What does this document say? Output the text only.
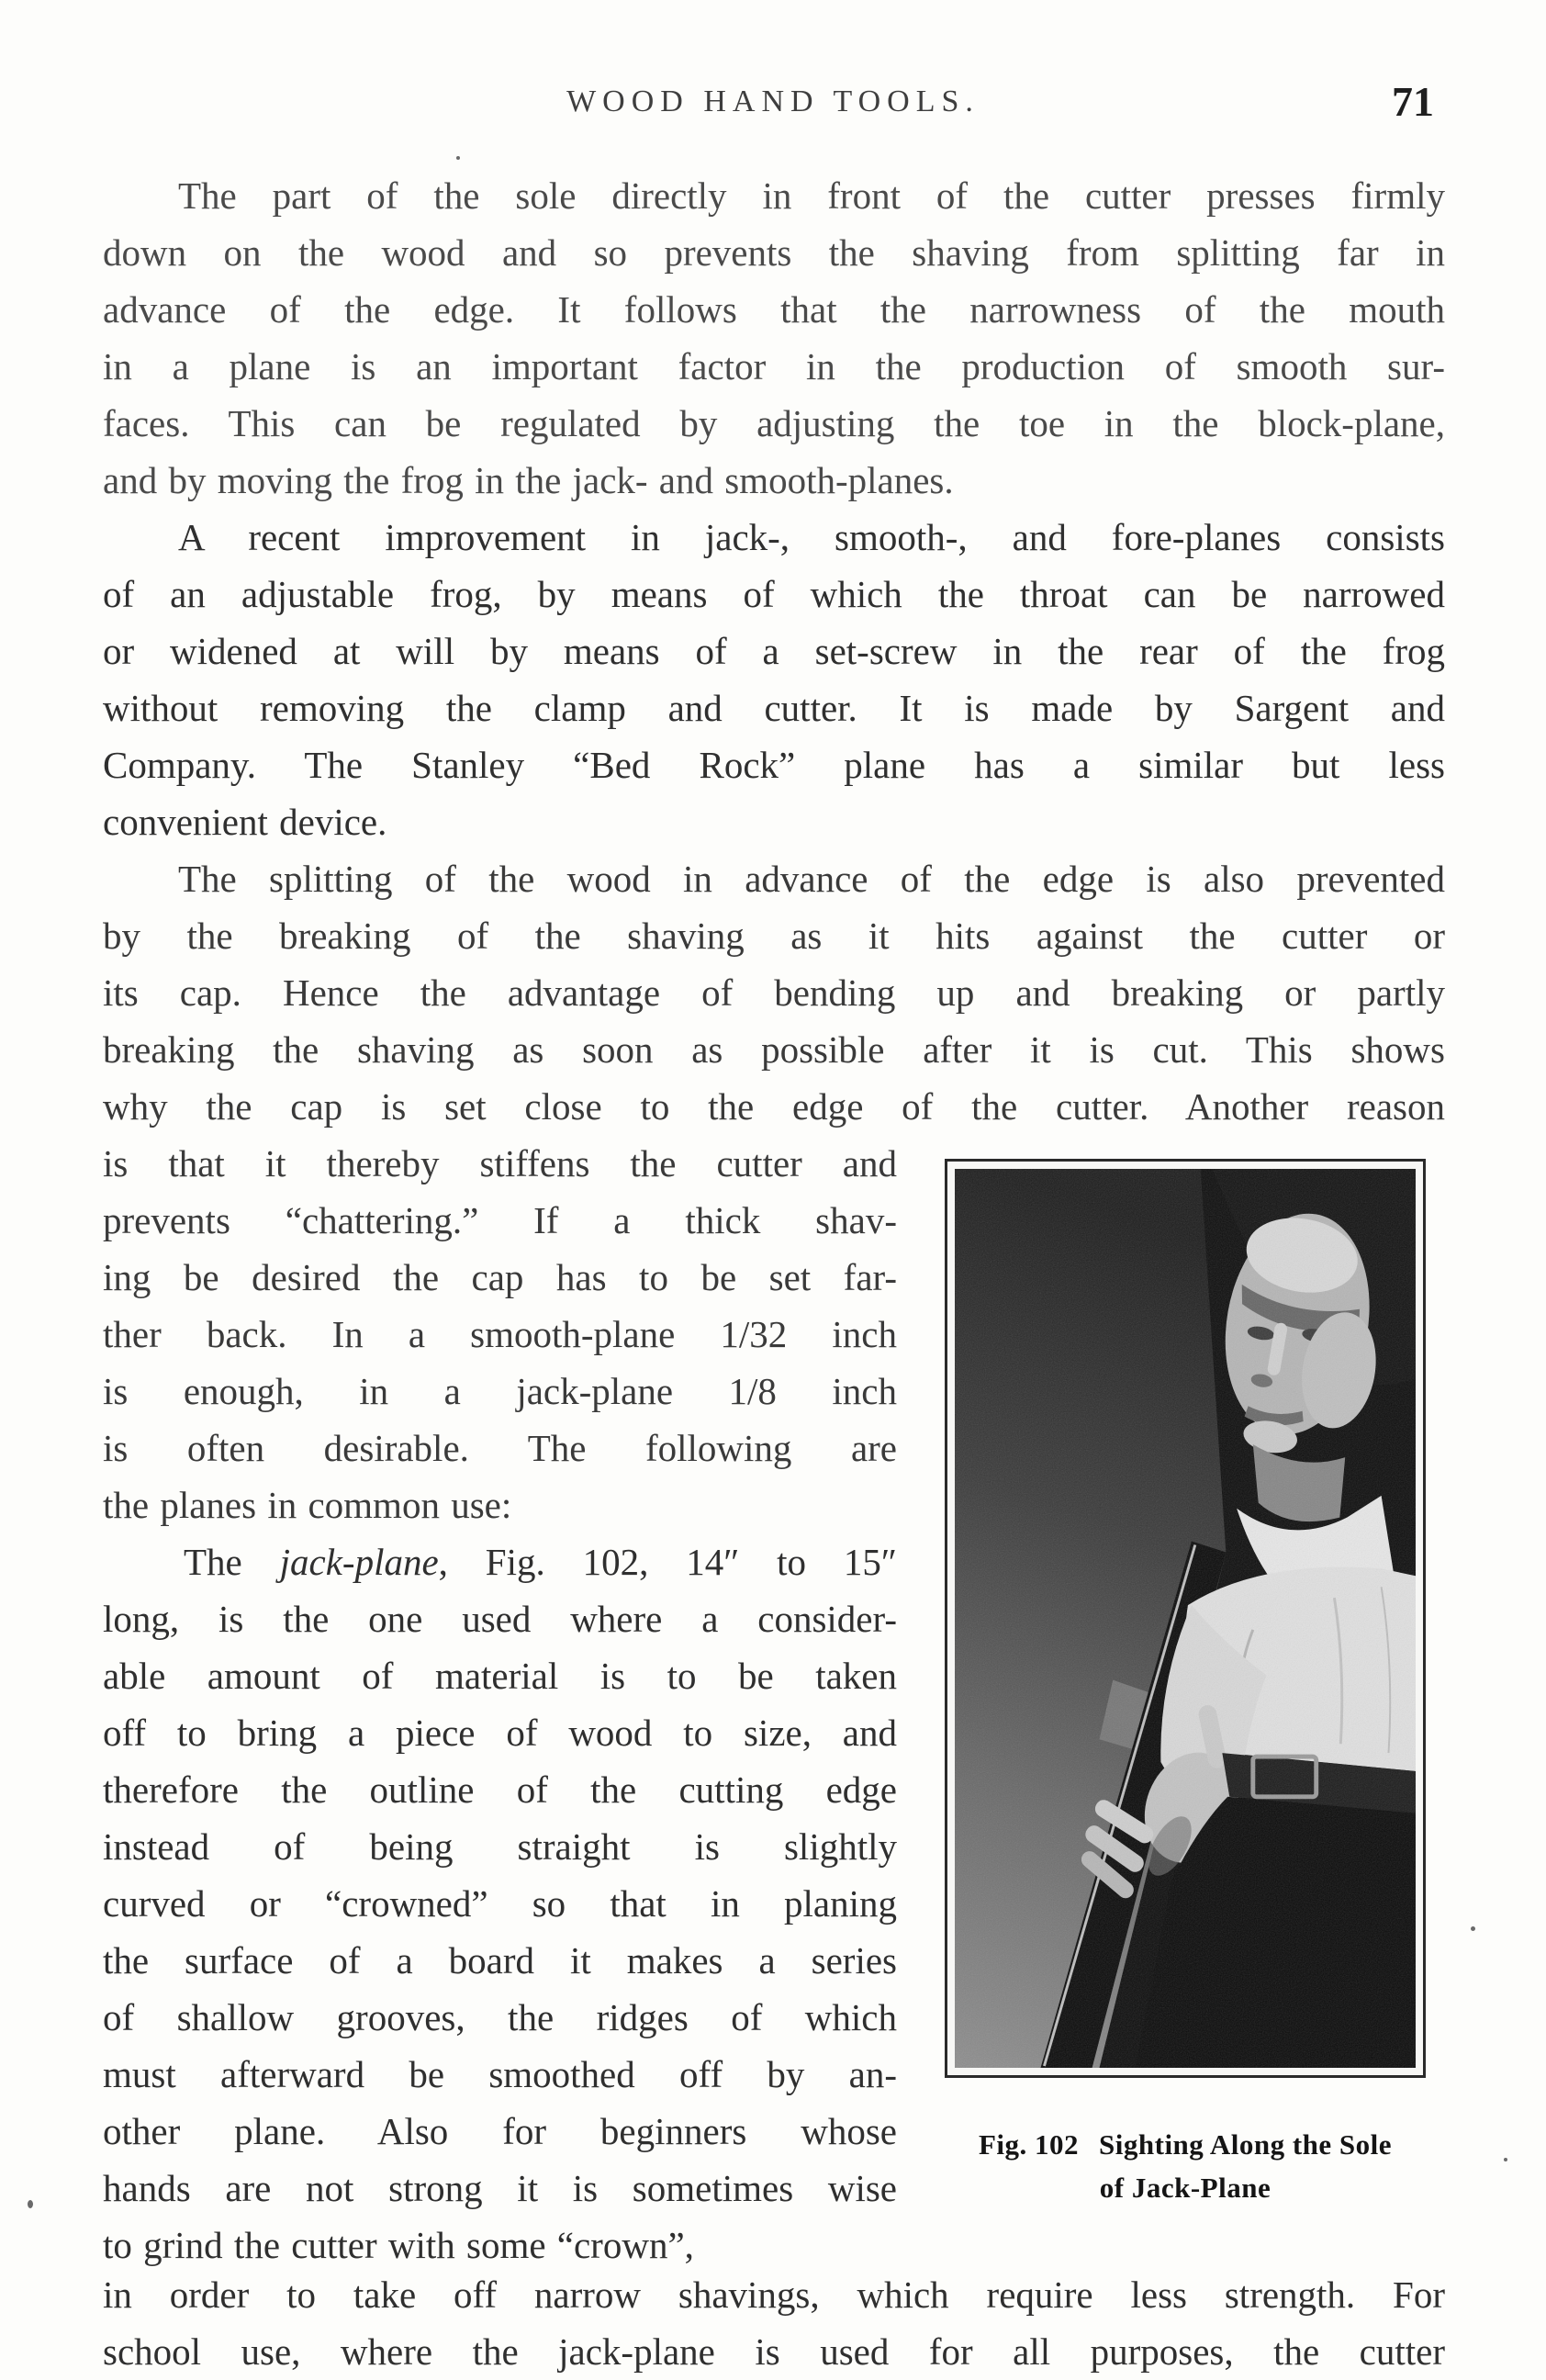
WOOD HAND TOOLS.	71
The part of the sole directly in front of the cutter presses firmly
down on the wood and so prevents the shaving from splitting far in
advance of the edge. It follows that the narrowness of the mouth
in a plane is an important factor in the production of smooth sur-
faces. This can be regulated by adjusting the toe in the block-plane,
and by moving the frog in the jack- and smooth-planes.
A recent improvement in jack-, smooth-, and fore-planes consists
of an adjustable frog, by means of which the throat can be narrowed
or widened at will by means of a set-screw in the rear of the frog
without removing the clamp and cutter. It is made by Sargent and
Company. The Stanley “Bed Rock” plane has a similar but less
convenient device.
The splitting of the wood in advance of the edge is also prevented
by the breaking of the shaving as it hits against the cutter or
its cap. Hence the advantage of bending up and breaking or partly
breaking the shaving as soon as possible after it is cut. This shows
why the cap is set close to the edge of the cutter. Another reason
is that it thereby stiffens the cutter and
prevents “chattering.” If a thick shav-
ing be desired the cap has to be set far-
ther back. In a smooth-plane 1/32 inch
is enough, in a jack-plane 1/8 inch
is often desirable. The following are
the planes in common use:
The jack-plane, Fig. 102, 14″ to 15″
long, is the one used where a consider-
able amount of material is to be taken
off to bring a piece of wood to size, and
therefore the outline of the cutting edge
instead of being straight is slightly
curved or “crowned” so that in planing
the surface of a board it makes a series
of shallow grooves, the ridges of which
must afterward be smoothed off by an-
other plane. Also for beginners whose
hands are not strong it is sometimes wise
to grind the cutter with some “crown”,
in order to take off narrow shavings, which require less strength. For
school use, where the jack-plane is used for all purposes, the cutter
Fig. 102 Sighting Along the Sole
of Jack-Plane
